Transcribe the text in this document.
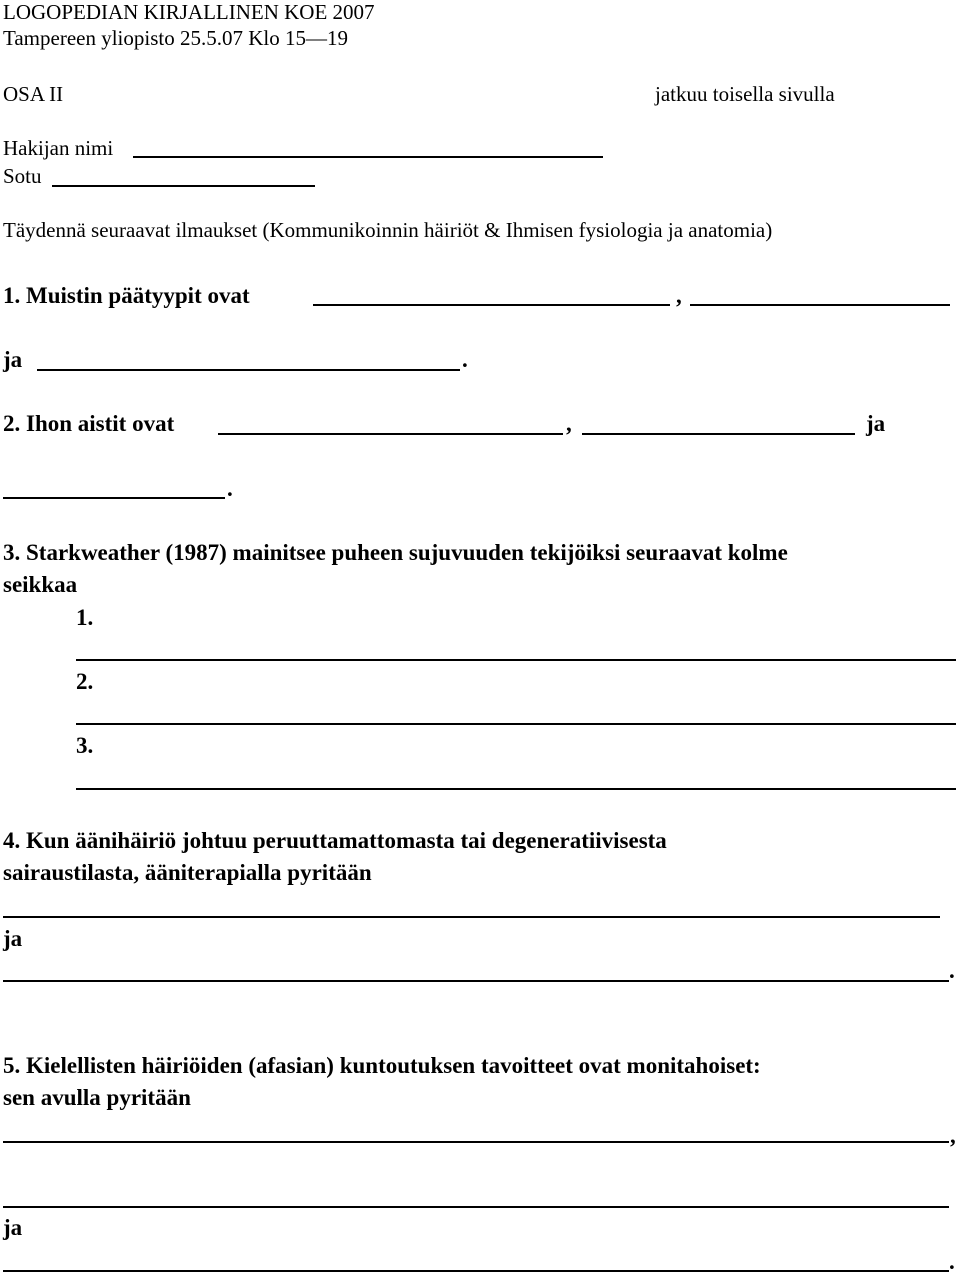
LOGOPEDIAN KIRJALLINEN KOE 2007
Tampereen yliopisto 25.5.07 Klo 15—19
OSA II	jatkuu toisella sivulla
Hakijan nimi
Sotu
Täydennä seuraavat ilmaukset (Kommunikoinnin häiriöt & Ihmisen fysiologia ja anatomia)
1. Muistin päätyypit ovat	,
ja	.
2. Ihon aistit ovat	,	ja
.
3. Starkweather (1987) mainitsee puheen sujuvuuden tekijöiksi seuraavat kolme
seikkaa
1.
2.
3.
4. Kun äänihäiriö johtuu peruuttamattomasta tai degeneratiivisesta
sairaustilasta, ääniterapialla pyritään
ja
.
5. Kielellisten häiriöiden (afasian) kuntoutuksen tavoitteet ovat monitahoiset:
sen avulla pyritään
,
ja
.
